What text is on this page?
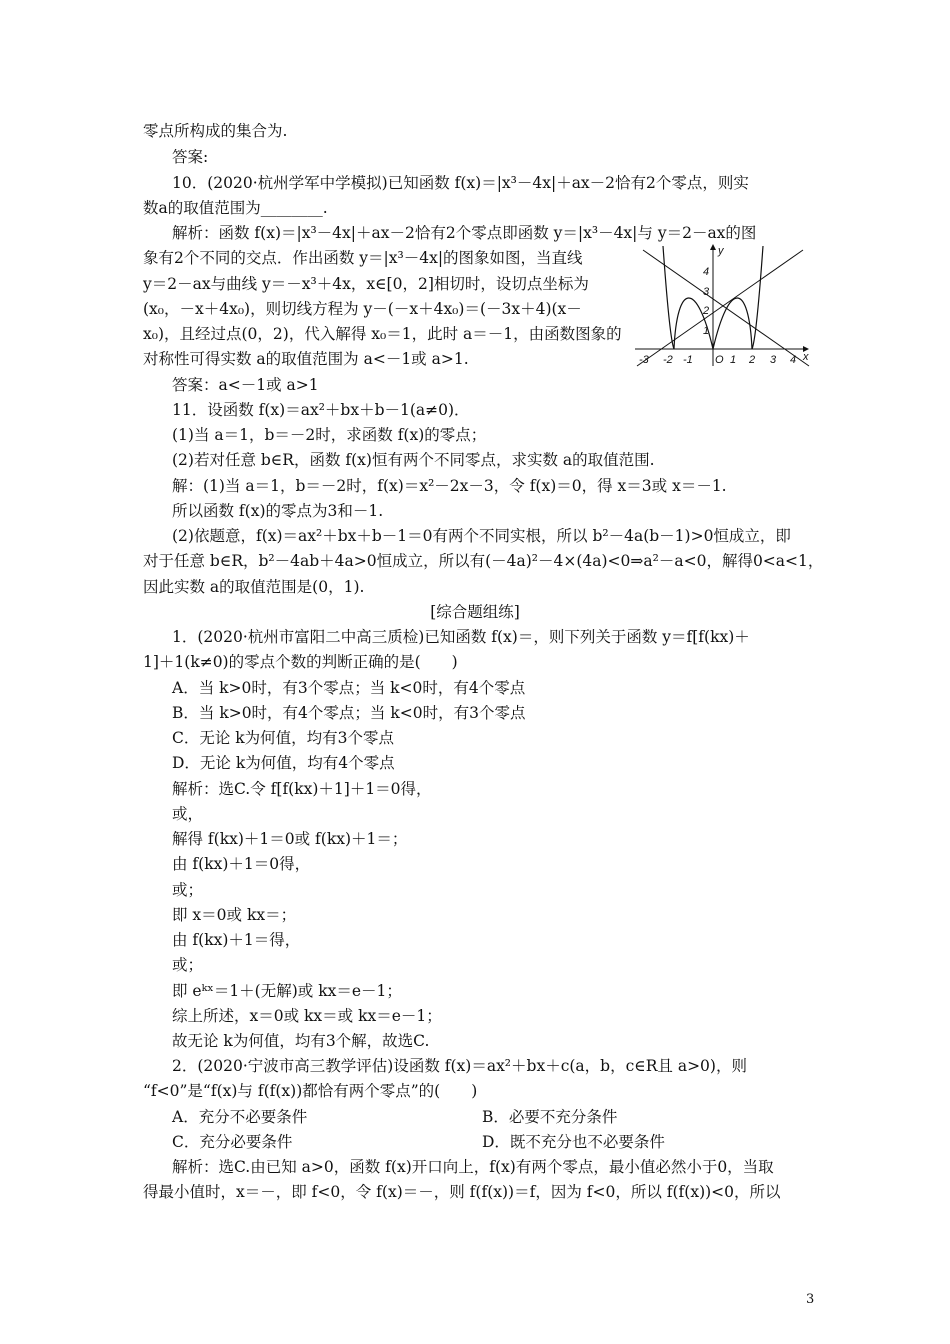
零点所构成的集合为.
答案:
10．(2020·杭州学军中学模拟)已知函数 f(x)＝|x³－4x|＋ax－2恰有2个零点，则实
数a的取值范围为________.
解析：函数 f(x)＝|x³－4x|＋ax－2恰有2个零点即函数 y＝|x³－4x|与 y＝2－ax的图
象有2个不同的交点．作出函数 y＝|x³－4x|的图象如图，当直线
y＝2－ax与曲线 y＝－x³＋4x，x∈[0，2]相切时，设切点坐标为
(x₀，－x＋4x₀)，则切线方程为 y－(－x＋4x₀)＝(－3x＋4)(x－
x₀)，且经过点(0，2)，代入解得 x₀＝1，此时 a＝－1，由函数图象的
对称性可得实数 a的取值范围为 a<－1或 a>1.
答案：a<－1或 a>1
11．设函数 f(x)＝ax²＋bx＋b－1(a≠0)．
(1)当 a＝1，b＝－2时，求函数 f(x)的零点；
(2)若对任意 b∈R，函数 f(x)恒有两个不同零点，求实数 a的取值范围.
解：(1)当 a＝1，b＝－2时，f(x)＝x²－2x－3，令 f(x)＝0，得 x＝3或 x＝－1.
所以函数 f(x)的零点为3和－1.
(2)依题意，f(x)＝ax²＋bx＋b－1＝0有两个不同实根，所以 b²－4a(b－1)>0恒成立，即
对于任意 b∈R，b²－4ab＋4a>0恒成立，所以有(－4a)²－4×(4a)<0⇒a²－a<0，解得0<a<1，
因此实数 a的取值范围是(0，1).
[综合题组练]
1．(2020·杭州市富阳二中高三质检)已知函数 f(x)＝，则下列关于函数 y＝f[f(kx)＋
1]＋1(k≠0)的零点个数的判断正确的是(　　)
A．当 k>0时，有3个零点；当 k<0时，有4个零点
B．当 k>0时，有4个零点；当 k<0时，有3个零点
C．无论 k为何值，均有3个零点
D．无论 k为何值，均有4个零点
解析：选C.令 f[f(kx)＋1]＋1＝0得，
或，
解得 f(kx)＋1＝0或 f(kx)＋1＝；
由 f(kx)＋1＝0得，
或；
即 x＝0或 kx＝；
由 f(kx)＋1＝得，
或；
即 eᵏˣ＝1＋(无解)或 kx＝e－1；
综上所述，x＝0或 kx＝或 kx＝e－1；
故无论 k为何值，均有3个解，故选C.
2．(2020·宁波市高三教学评估)设函数 f(x)＝ax²＋bx＋c(a，b，c∈R且 a>0)，则
“f<0”是“f(x)与 f(f(x))都恰有两个零点”的(　　)
A．充分不必要条件	B．必要不充分条件
C．充分必要条件	D．既不充分也不必要条件
解析：选C.由已知 a>0，函数 f(x)开口向上，f(x)有两个零点，最小值必然小于0，当取
得最小值时，x＝－，即 f<0，令 f(x)＝－，则 f(f(x))＝f，因为 f<0，所以 f(f(x))<0，所以
-3 -2 -1 O 1 2 3 4 x
4
3
2
1
y
3
